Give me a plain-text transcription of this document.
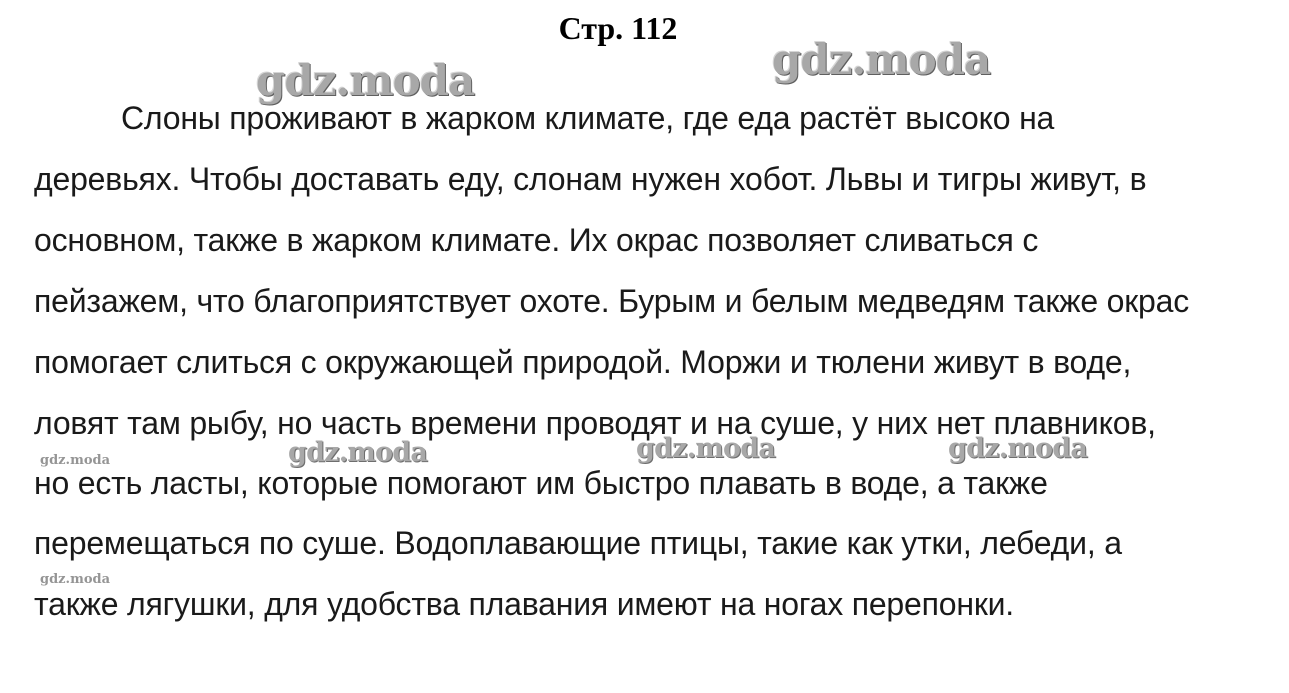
Стр. 112
gdz.moda	gdz.moda
gdz.moda	gdz.moda	gdz.moda
gdz.moda
gdz.moda
Слоны проживают в жарком климате, где еда растёт высоко на
деревьях. Чтобы доставать еду, слонам нужен хобот. Львы и тигры живут, в
основном, также в жарком климате. Их окрас позволяет сливаться с
пейзажем, что благоприятствует охоте. Бурым и белым медведям также окрас
помогает слиться с окружающей природой. Моржи и тюлени живут в воде,
ловят там рыбу, но часть времени проводят и на суше, у них нет плавников,
но есть ласты, которые помогают им быстро плавать в воде, а также
перемещаться по суше. Водоплавающие птицы, такие как утки, лебеди, а
также лягушки, для удобства плавания имеют на ногах перепонки.
